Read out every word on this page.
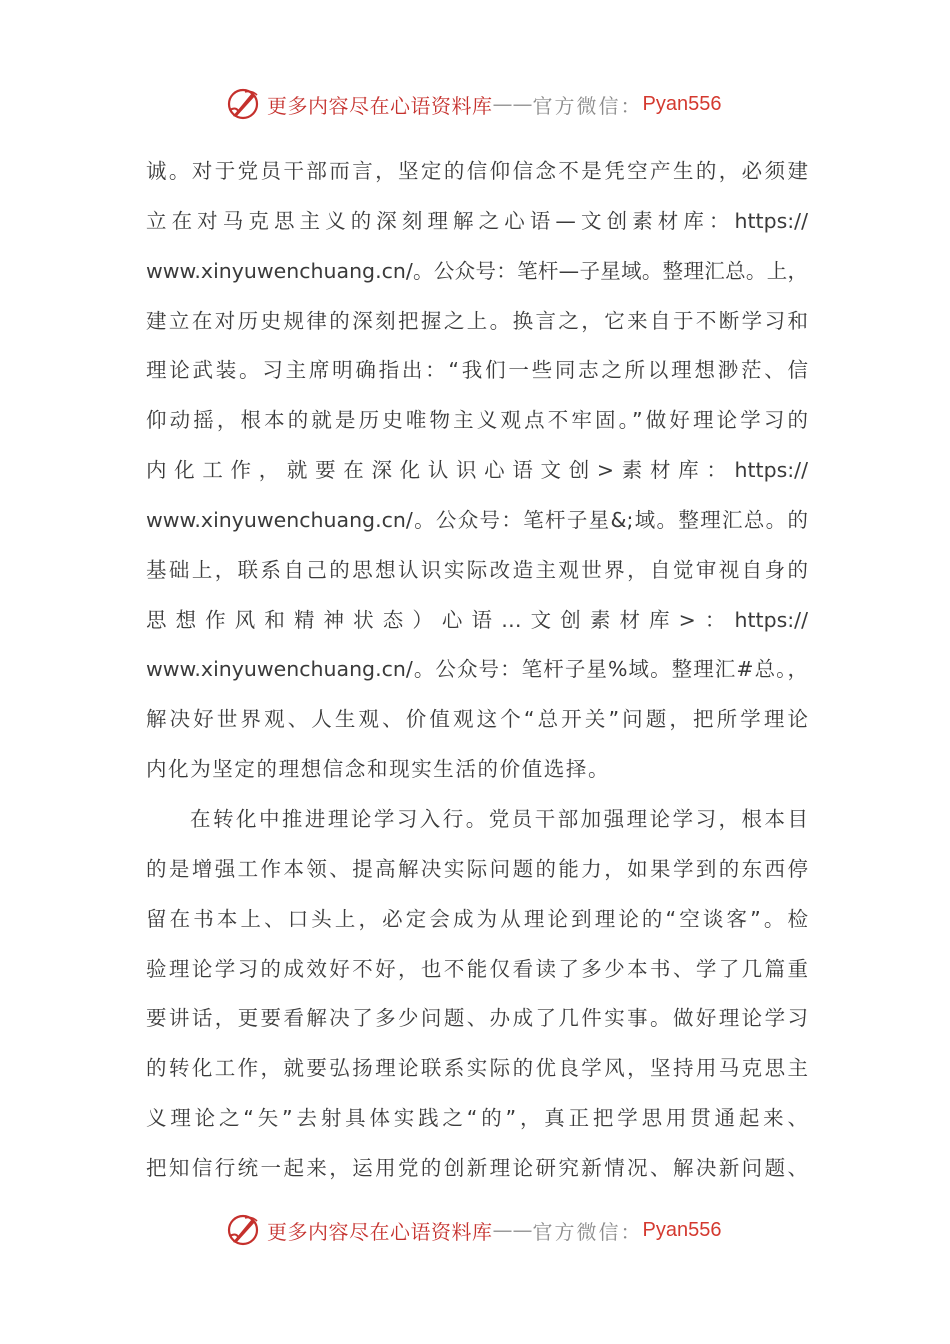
更多内容尽在心语资料库 —— 官方微信： Pyan556
诚。对于党员干部而言，坚定的信仰信念不是凭空产生的，必须建
立在对马克思主义的深刻理解之心语—文创素材库：https://
www.xinyuwenchuang.cn/。公众号：笔杆—子星域。整理汇总。上，
建立在对历史规律的深刻把握之上。换言之，它来自于不断学习和
理论武装。习主席明确指出：“我们一些同志之所以理想渺茫、信
仰动摇，根本的就是历史唯物主义观点不牢固。”做好理论学习的
内化工作，就要在深化认识心语文创>素材库：https://
www.xinyuwenchuang.cn/。公众号：笔杆子星&;域。整理汇总。的
基础上，联系自己的思想认识实际改造主观世界，自觉审视自身的
思想作风和精神状态）心语…文创素材库>：https://
www.xinyuwenchuang.cn/。公众号：笔杆子星%域。整理汇#总。，
解决好世界观、人生观、价值观这个“总开关”问题，把所学理论
内化为坚定的理想信念和现实生活的价值选择。
在转化中推进理论学习入行。党员干部加强理论学习，根本目
的是增强工作本领、提高解决实际问题的能力，如果学到的东西停
留在书本上、口头上，必定会成为从理论到理论的“空谈客”。检
验理论学习的成效好不好，也不能仅看读了多少本书、学了几篇重
要讲话，更要看解决了多少问题、办成了几件实事。做好理论学习
的转化工作，就要弘扬理论联系实际的优良学风，坚持用马克思主
义理论之“矢”去射具体实践之“的”，真正把学思用贯通起来、
把知信行统一起来，运用党的创新理论研究新情况、解决新问题、
更多内容尽在心语资料库 —— 官方微信： Pyan556
